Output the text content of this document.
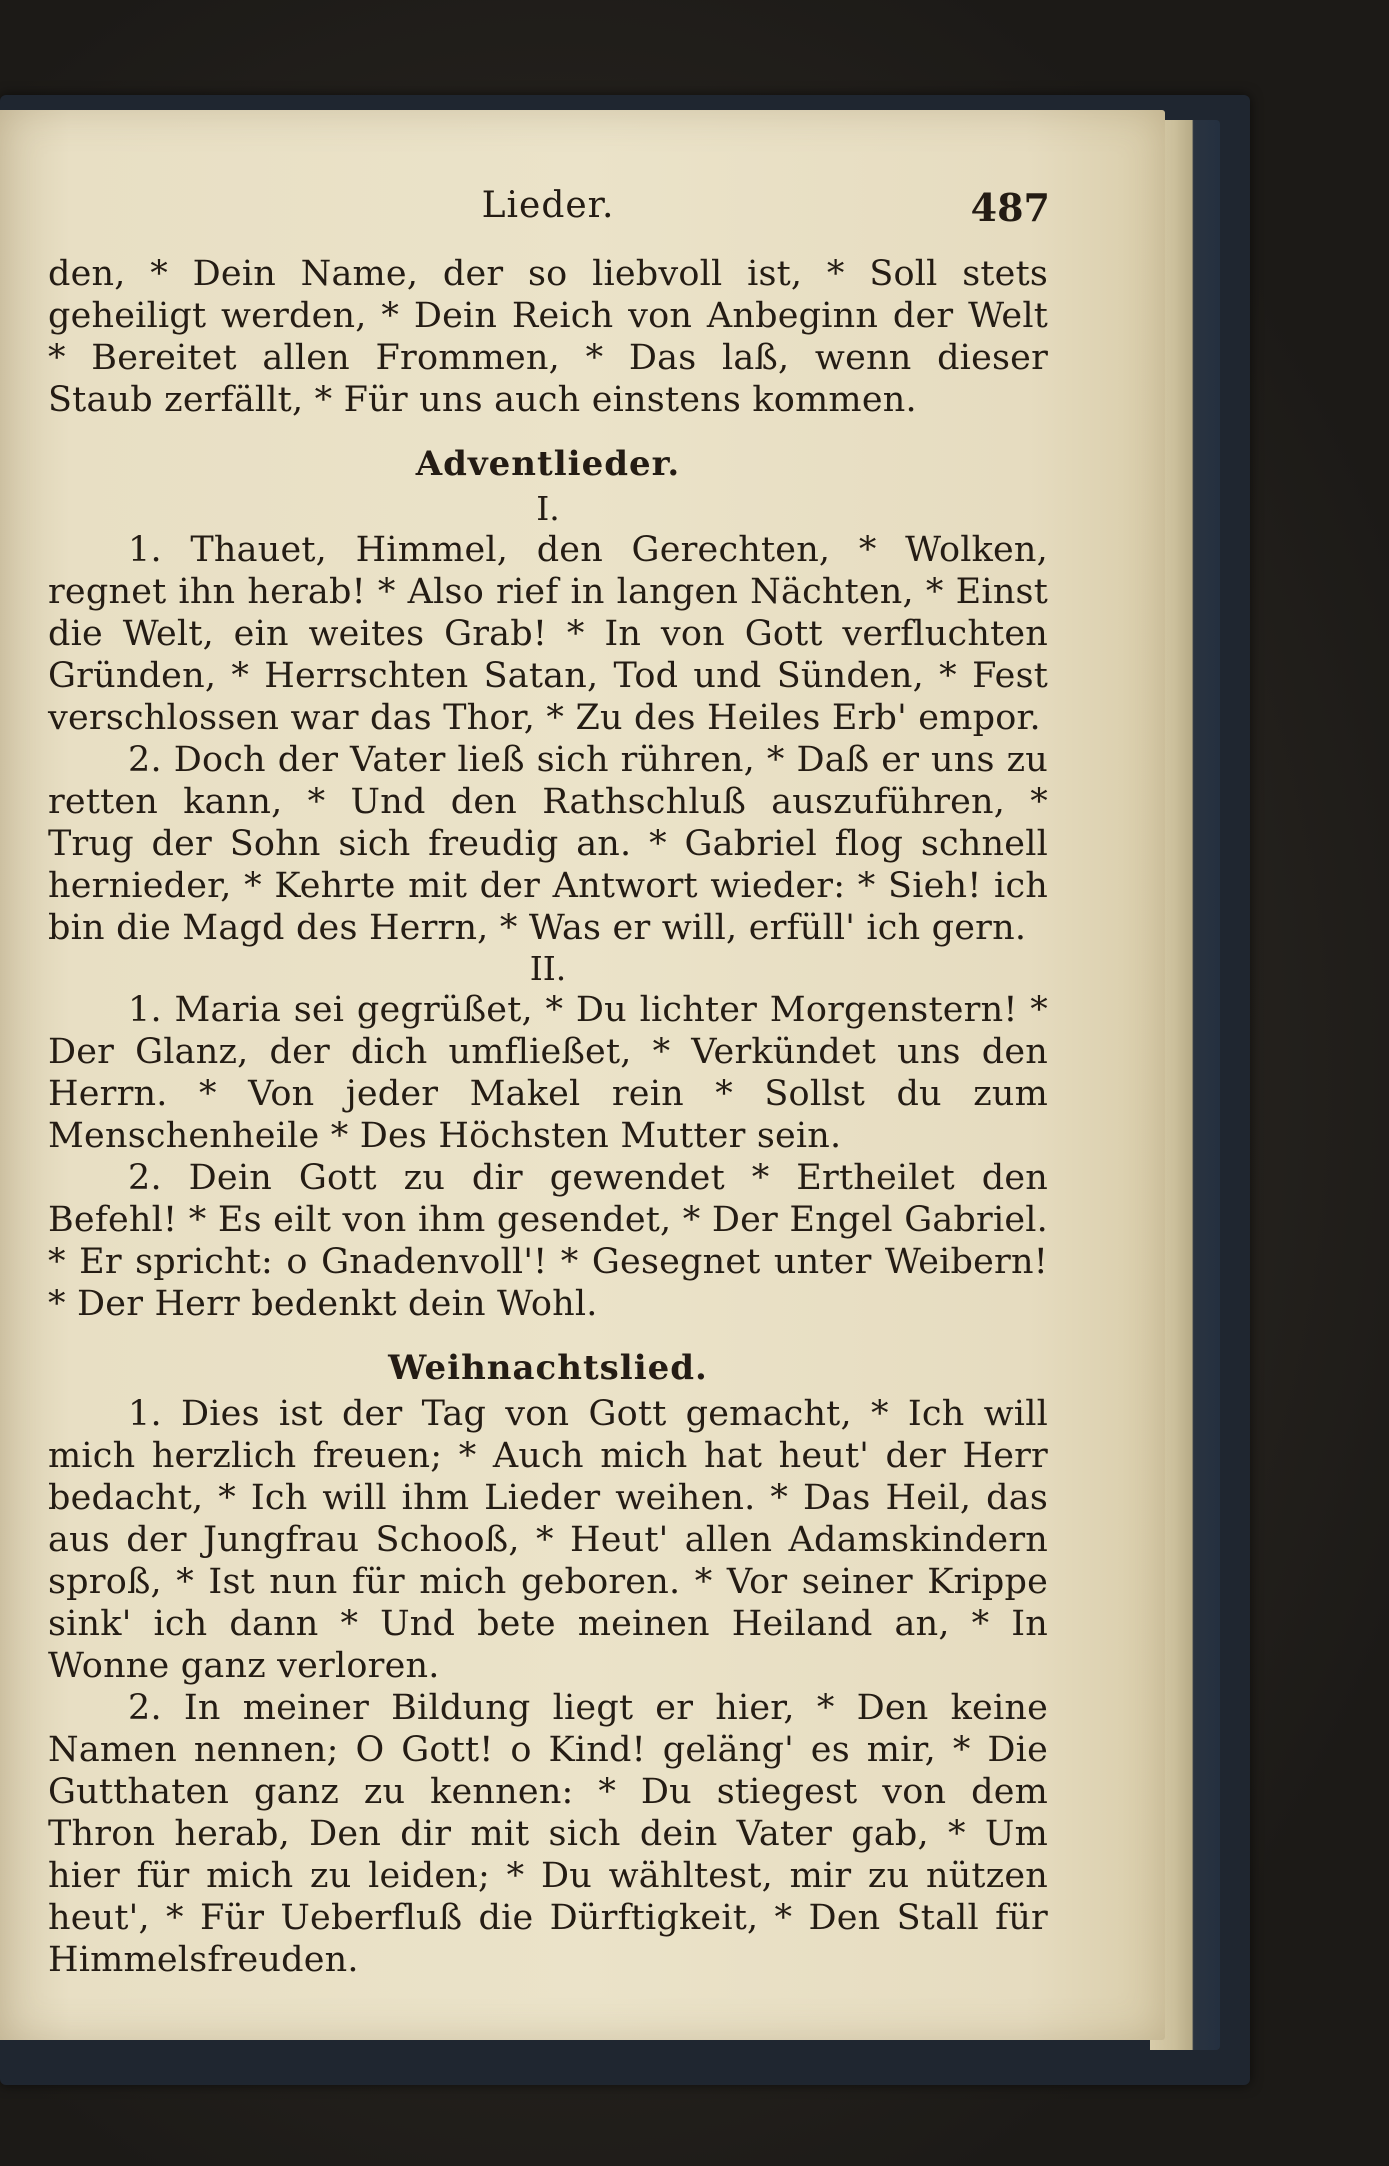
Lieder.	487

den, * Dein Name, der so liebvoll ist, * Soll stets geheiligt werden, * Dein Reich von Anbeginn der Welt * Bereitet allen Frommen, * Das laß, wenn dieser Staub zerfällt, * Für uns auch einstens kommen.

Adventlieder.
I.

1. Thauet, Himmel, den Gerechten, * Wolken, regnet ihn herab! * Also rief in langen Nächten, * Einst die Welt, ein weites Grab! * In von Gott verfluchten Gründen, * Herrschten Satan, Tod und Sünden, * Fest verschlossen war das Thor, * Zu des Heiles Erb' empor.

2. Doch der Vater ließ sich rühren, * Daß er uns zu retten kann, * Und den Rathschluß auszuführen, * Trug der Sohn sich freudig an. * Gabriel flog schnell hernieder, * Kehrte mit der Antwort wieder: * Sieh! ich bin die Magd des Herrn, * Was er will, erfüll' ich gern.

II.

1. Maria sei gegrüßet, * Du lichter Morgenstern! * Der Glanz, der dich umfließet, * Verkündet uns den Herrn. * Von jeder Makel rein * Sollst du zum Menschenheile * Des Höchsten Mutter sein.

2. Dein Gott zu dir gewendet * Ertheilet den Befehl! * Es eilt von ihm gesendet, * Der Engel Gabriel. * Er spricht: o Gnadenvoll'! * Gesegnet unter Weibern! * Der Herr bedenkt dein Wohl.

Weihnachtslied.

1. Dies ist der Tag von Gott gemacht, * Ich will mich herzlich freuen; * Auch mich hat heut' der Herr bedacht, * Ich will ihm Lieder weihen. * Das Heil, das aus der Jungfrau Schooß, * Heut' allen Adamskindern sproß, * Ist nun für mich geboren. * Vor seiner Krippe sink' ich dann * Und bete meinen Heiland an, * In Wonne ganz verloren.

2. In meiner Bildung liegt er hier, * Den keine Namen nennen; O Gott! o Kind! geläng' es mir, * Die Gutthaten ganz zu kennen: * Du stiegest von dem Thron herab, Den dir mit sich dein Vater gab, * Um hier für mich zu leiden; * Du wähltest, mir zu nützen heut', * Für Ueberfluß die Dürftigkeit, * Den Stall für Himmelsfreuden.
